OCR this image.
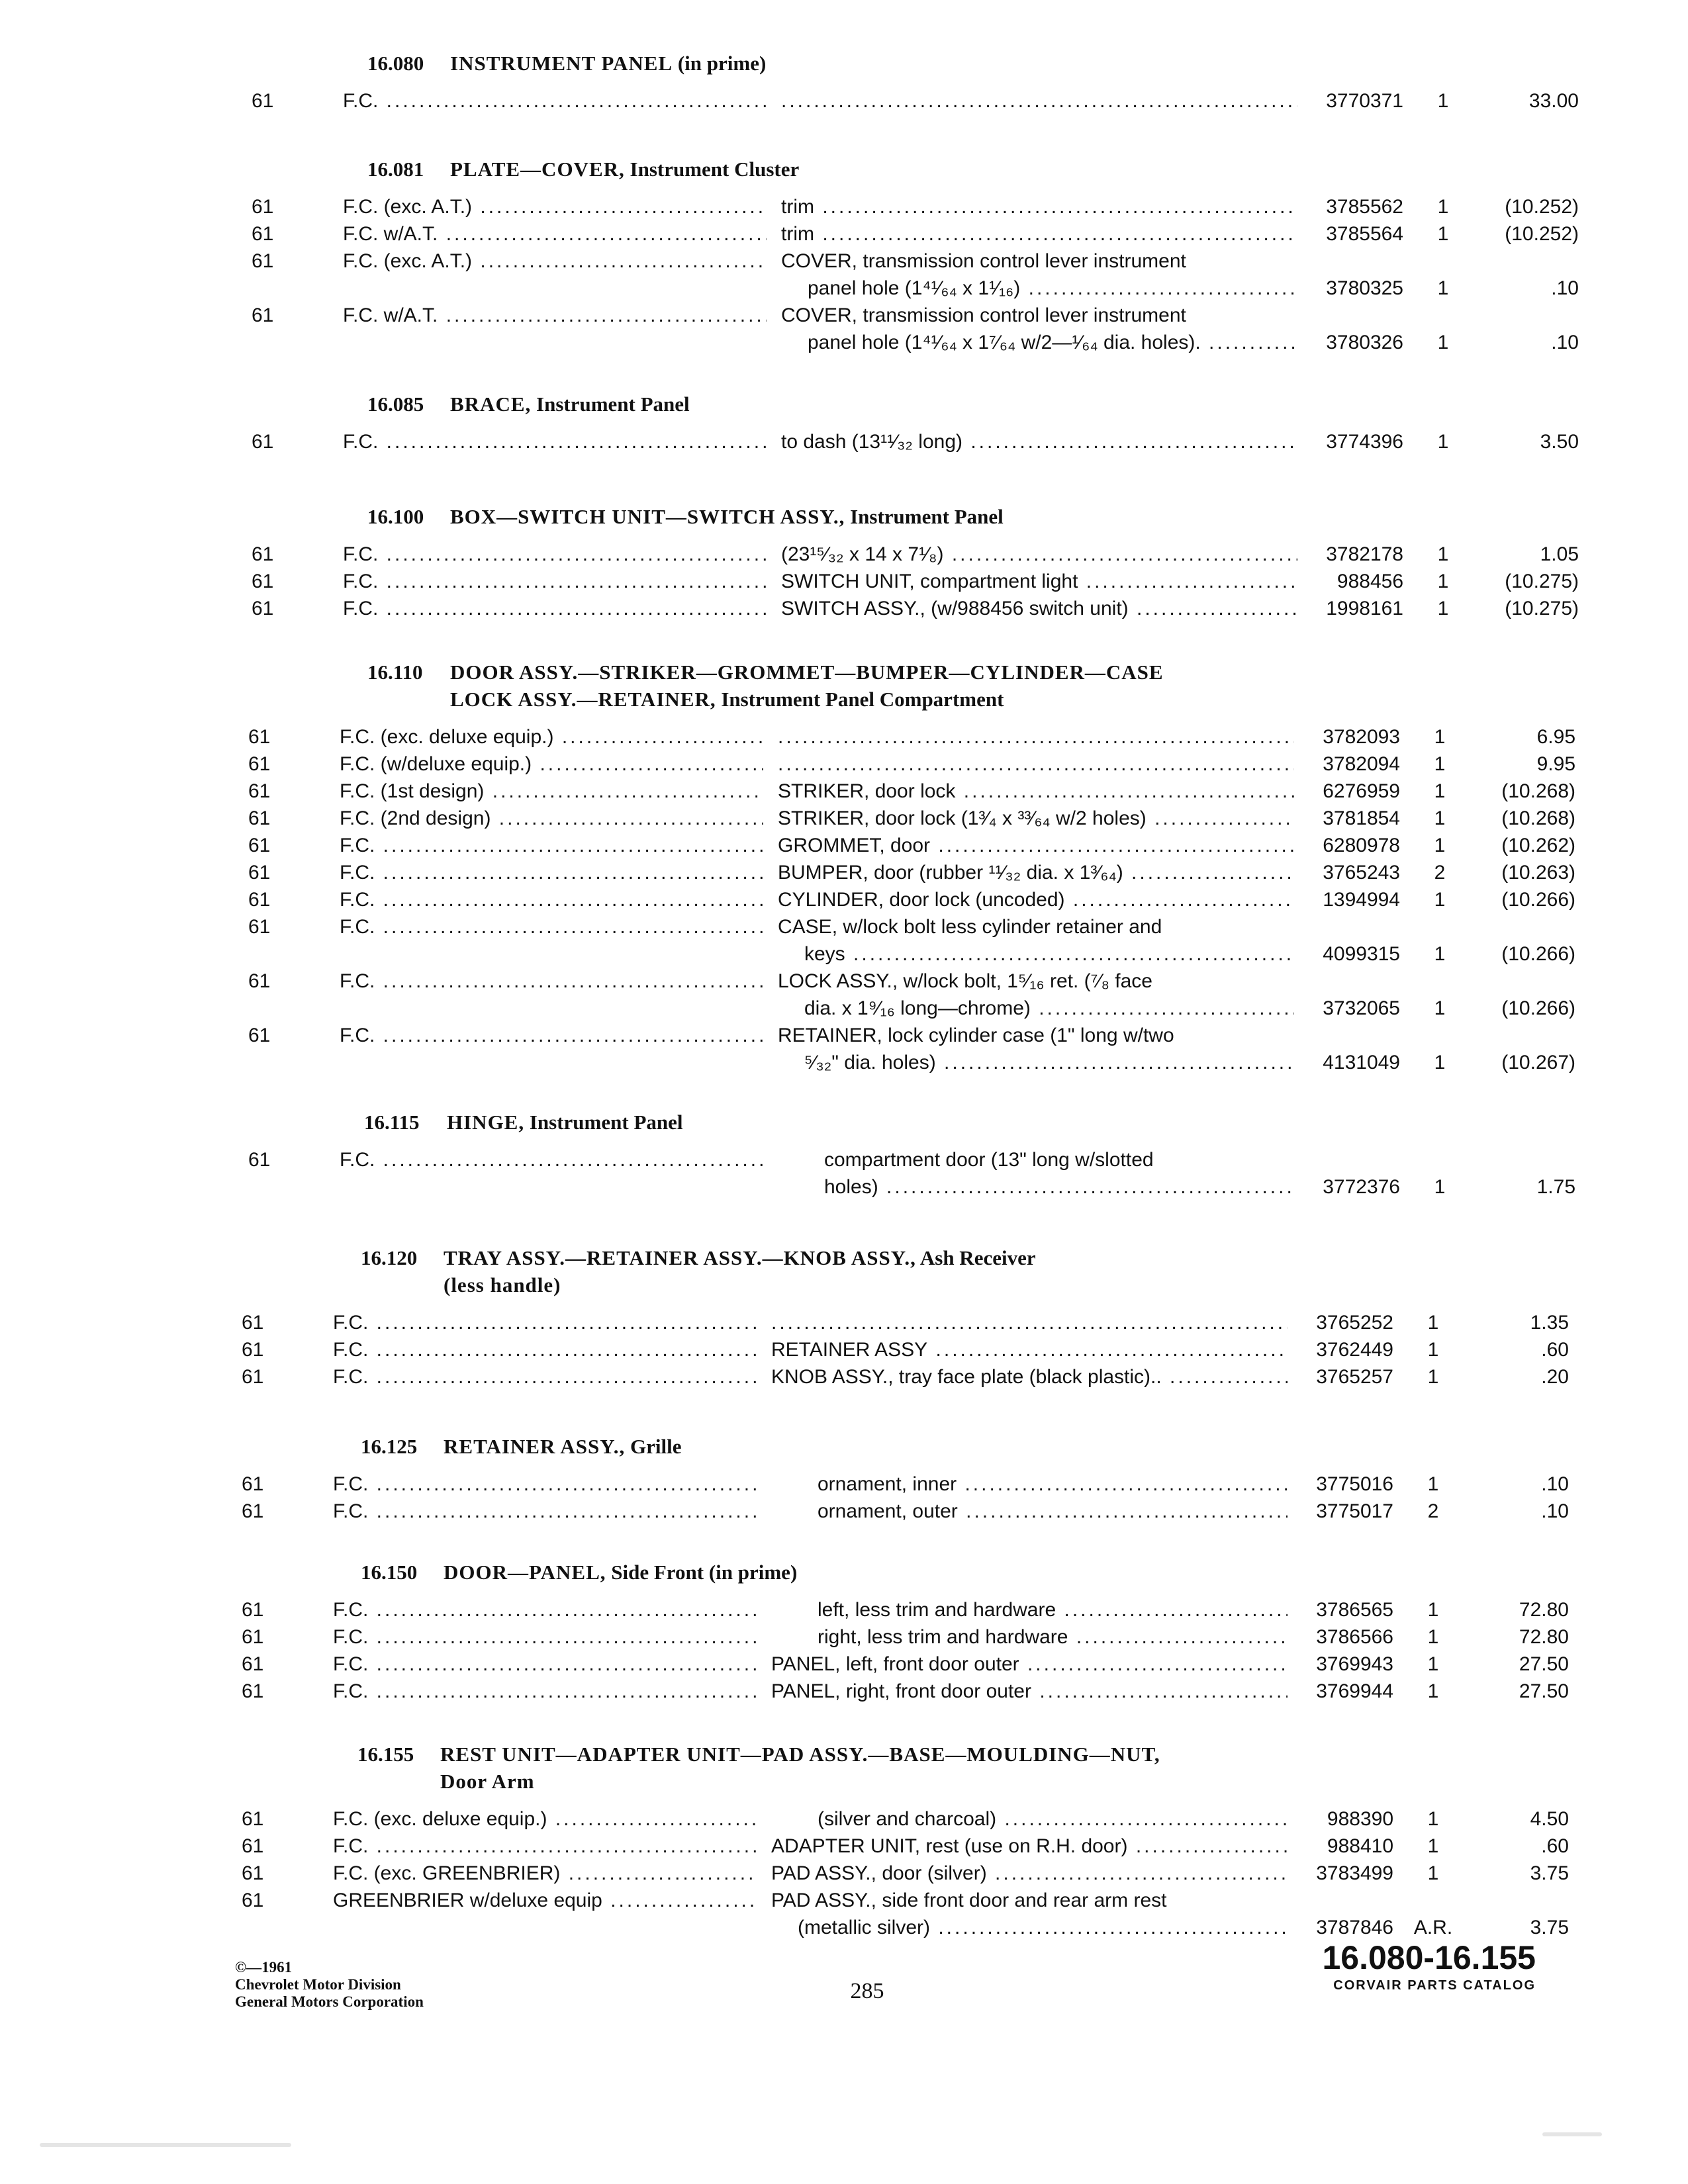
16.080	INSTRUMENT PANEL (in prime)
61	F.C. ..... .....	3770371	1	33.00
16.081	PLATE—COVER, Instrument Cluster
61	F.C. (exc. A.T.) .....	trim .....	3785562	1	(10.252)
61	F.C. w/A.T. .....	trim .....	3785564	1	(10.252)
61	F.C. (exc. A.T.) .....	COVER, transmission control lever instrument
panel hole (1⁴¹⁄₆₄ x 1¹⁄₁₆) .....	3780325	1	.10
61	F.C. w/A.T. .....	COVER, transmission control lever instrument
panel hole (1⁴¹⁄₆₄ x 1⁷⁄₆₄ w/2—¹⁄₆₄ dia. holes). .....	3780326	1	.10
16.085	BRACE, Instrument Panel
61	F.C. .....	to dash (13¹¹⁄₃₂ long) .....	3774396	1	3.50
16.100	BOX—SWITCH UNIT—SWITCH ASSY., Instrument Panel
61	F.C. .....	(23¹⁵⁄₃₂ x 14 x 7¹⁄₈) .....	3782178	1	1.05
61	F.C. .....	SWITCH UNIT, compartment light .....	988456	1	(10.275)
61	F.C. .....	SWITCH ASSY., (w/988456 switch unit) .....	1998161	1	(10.275)
16.110	DOOR ASSY.—STRIKER—GROMMET—BUMPER—CYLINDER—CASE
LOCK ASSY.—RETAINER, Instrument Panel Compartment
61	F.C. (exc. deluxe equip.) ..... .....	3782093	1	6.95
61	F.C. (w/deluxe equip.) ..... .....	3782094	1	9.95
61	F.C. (1st design) .....	STRIKER, door lock .....	6276959	1	(10.268)
61	F.C. (2nd design) .....	STRIKER, door lock (1³⁄₄ x ³³⁄₆₄ w/2 holes) .....	3781854	1	(10.268)
61	F.C. .....	GROMMET, door .....	6280978	1	(10.262)
61	F.C. .....	BUMPER, door (rubber ¹¹⁄₃₂ dia. x 1³⁄₆₄) .....	3765243	2	(10.263)
61	F.C. .....	CYLINDER, door lock (uncoded) .....	1394994	1	(10.266)
61	F.C. .....	CASE, w/lock bolt less cylinder retainer and
keys .....	4099315	1	(10.266)
61	F.C. .....	LOCK ASSY., w/lock bolt, 1⁵⁄₁₆ ret. (⁷⁄₈ face
dia. x 1⁹⁄₁₆ long—chrome) .....	3732065	1	(10.266)
61	F.C. .....	RETAINER, lock cylinder case (1" long w/two
⁵⁄₃₂" dia. holes) .....	4131049	1	(10.267)
16.115	HINGE, Instrument Panel
61	F.C. .....	compartment door (13" long w/slotted
holes) .....	3772376	1	1.75
16.120	TRAY ASSY.—RETAINER ASSY.—KNOB ASSY., Ash Receiver
(less handle)
61	F.C. ..... .....	3765252	1	1.35
61	F.C. .....	RETAINER ASSY .....	3762449	1	.60
61	F.C. .....	KNOB ASSY., tray face plate (black plastic).. .....	3765257	1	.20
16.125	RETAINER ASSY., Grille
61	F.C. .....	ornament, inner .....	3775016	1	.10
61	F.C. .....	ornament, outer .....	3775017	2	.10
16.150	DOOR—PANEL, Side Front (in prime)
61	F.C. .....	left, less trim and hardware .....	3786565	1	72.80
61	F.C. .....	right, less trim and hardware .....	3786566	1	72.80
61	F.C. .....	PANEL, left, front door outer .....	3769943	1	27.50
61	F.C. .....	PANEL, right, front door outer .....	3769944	1	27.50
16.155	REST UNIT—ADAPTER UNIT—PAD ASSY.—BASE—MOULDING—NUT,
Door Arm
61	F.C. (exc. deluxe equip.) .....	(silver and charcoal) .....	988390	1	4.50
61	F.C. .....	ADAPTER UNIT, rest (use on R.H. door) .....	988410	1	.60
61	F.C. (exc. GREENBRIER) .....	PAD ASSY., door (silver) .....	3783499	1	3.75
61	GREENBRIER w/deluxe equip .....	PAD ASSY., side front door and rear arm rest
(metallic silver) .....	3787846 A.R.	3.75
©—1961
Chevrolet Motor Division
General Motors Corporation	285
16.080-16.155
CORVAIR PARTS CATALOG
